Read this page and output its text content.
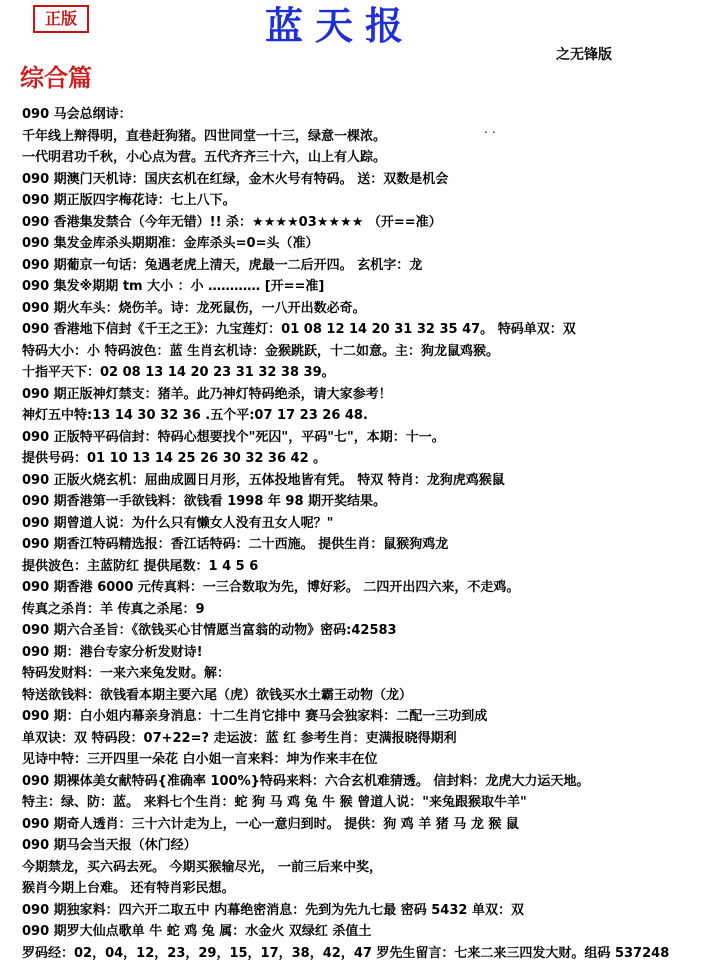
正版	蓝天报
之无锋版
综合篇
..
090 马会总纲诗：
千年线上辩得明，直巷赶狗猪。四世同堂一十三，绿意一棵浓。
一代明君功千秋，小心点为营。五代齐齐三十六，山上有人踪。
090 期澳门天机诗：国庆玄机在红绿，金木火号有特码。 送：双数是机会
090 期正版四字梅花诗：七上八下。
090 香港集发禁合（今年无错）!! 杀：★★★★03★★★★ （开==准）
090 集发金库杀头期期准：金库杀头=0=头（准）
090 期葡京一句话：兔遇老虎上清天，虎最一二后开四。 玄机字：龙
090 集发※期期 tm 大小 ：小 ………… [开==准]
090 期火车头：烧伤羊。诗：龙死鼠伤，一八开出数必奇。
090 香港地下信封《千王之王》：九宝莲灯：01 08 12 14 20 31 32 35 47。 特码单双：双
特码大小：小 特码波色：蓝 生肖玄机诗：金猴跳跃，十二如意。主：狗龙鼠鸡猴。
十指平天下：02 08 13 14 20 23 31 32 38 39。
090 期正版神灯禁支：猪羊。此乃神灯特码绝杀，请大家参考！
神灯五中特:13 14 30 32 36 .五个平:07 17 23 26 48.
090 正版特平码信封：特码心想要找个"死囚"，平码"七"，本期：十一。
提供号码：01 10 13 14 25 26 30 32 36 42 。
090 正版火烧玄机：屈曲成圆日月形，五体投地皆有凭。 特双 特肖：龙狗虎鸡猴鼠
090 期香港第一手欲钱料：欲钱看 1998 年 98 期开奖结果。
090 期曾道人说：为什么只有懒女人没有丑女人呢？"
090 期香江特码精选报：香江话特码：二十西施。 提供生肖：鼠猴狗鸡龙
提供波色：主蓝防红 提供尾数：1 4 5 6
090 期香港 6000 元传真料：一三合数取为先，博好彩。 二四开出四六来，不走鸡。
传真之杀肖：羊 传真之杀尾：9
090 期六合圣旨：《欲钱买心甘情愿当富翁的动物》密码:42583
090 期：港台专家分析发财诗!
特码发财料：一来六来兔发财。解：
特送欲钱料：欲钱看本期主要六尾（虎）欲钱买水土霸王动物（龙）
090 期：白小姐内幕亲身消息：十二生肖它排中 赛马会独家料：二配一三功到成
单双诀：双 特码段：07+22=? 走运波：蓝 红 参考生肖：吏满报晓得期利
见诗中特：三开四里一朵花 白小姐一言来料：坤为作来丰在位
090 期裸体美女献特码{准确率 100%}特码来料：六合玄机难猜透。 信封料：龙虎大力运天地。
特主：绿、防：蓝。 来料七个生肖：蛇 狗 马 鸡 兔 牛 猴 曾道人说："来兔跟猴取牛羊"
090 期奇人透肖：三十六计走为上，一心一意归到时。 提供：狗 鸡 羊 猪 马 龙 猴 鼠
090 期马会当天报（休门经）
今期禁龙，买六码去死。 今期买猴输尽光， 一前三后来中奖，
猴肖今期上台难。 还有特肖彩民想。
090 期独家料：四六开二取五中 内幕绝密消息：先到为先九七最 密码 5432 单双：双
090 期罗大仙点歌单 牛 蛇 鸡 兔 属：水金火 双绿红 杀值土
罗码经：02，04，12，23，29，15，17，38，42，47 罗先生留言：七来二来三四发大财。组码 537248
